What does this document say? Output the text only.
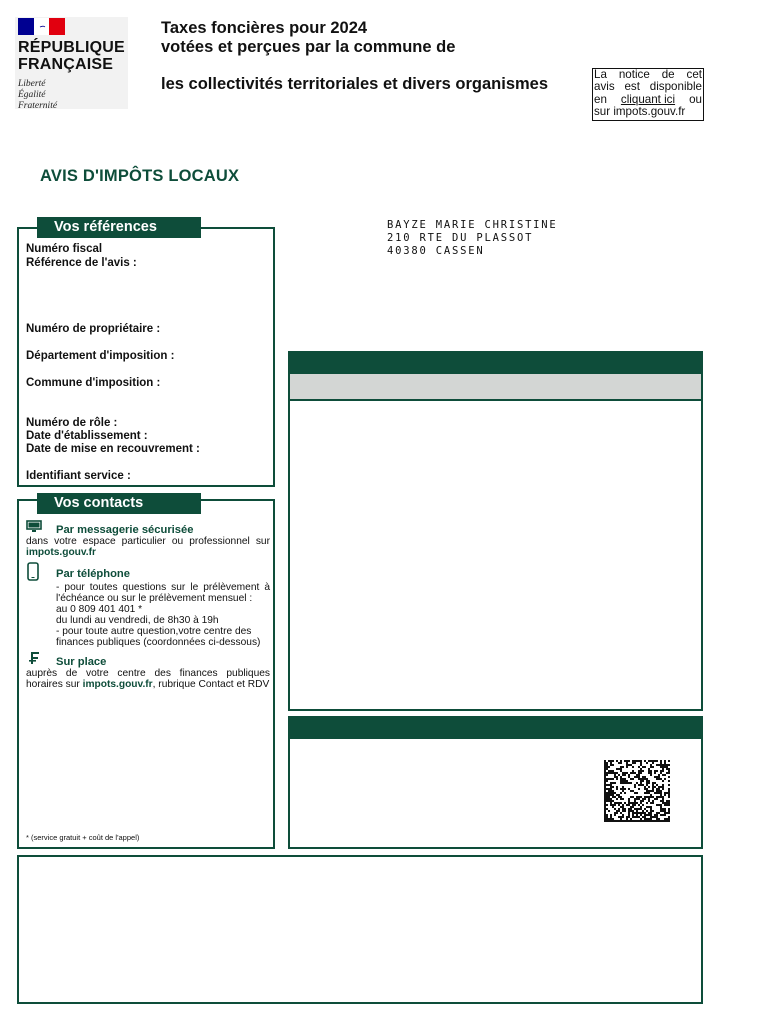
RÉPUBLIQUE
FRANÇAISE
Liberté
Égalité
Fraternité
Taxes foncières pour 2024
votées et perçues par la commune de
les collectivités territoriales et divers organismes
La notice de cet
avis est disponible
en cliquant ici ou
sur impots.gouv.fr
AVIS D'IMPÔTS LOCAUX
Vos références
Numéro fiscal
Référence de l'avis :
Numéro de propriétaire :
Département d'imposition :
Commune d'imposition :
Numéro de rôle :
Date d'établissement :
Date de mise en recouvrement :
Identifiant service :
BAYZE MARIE CHRISTINE
210 RTE DU PLASSOT
40380 CASSEN
Vos contacts
Par messagerie sécurisée
dans votre espace particulier ou professionnel sur
impots.gouv.fr
Par téléphone
- pour toutes questions sur le prélèvement à
l'échéance ou sur le prélèvement mensuel :
au 0 809 401 401 *
du lundi au vendredi, de 8h30 à 19h
- pour toute autre question,votre centre des
finances publiques (coordonnées ci-dessous)
Sur place
auprès de votre centre des finances publiques
horaires sur impots.gouv.fr, rubrique Contact et RDV
* (service gratuit + coût de l'appel)
